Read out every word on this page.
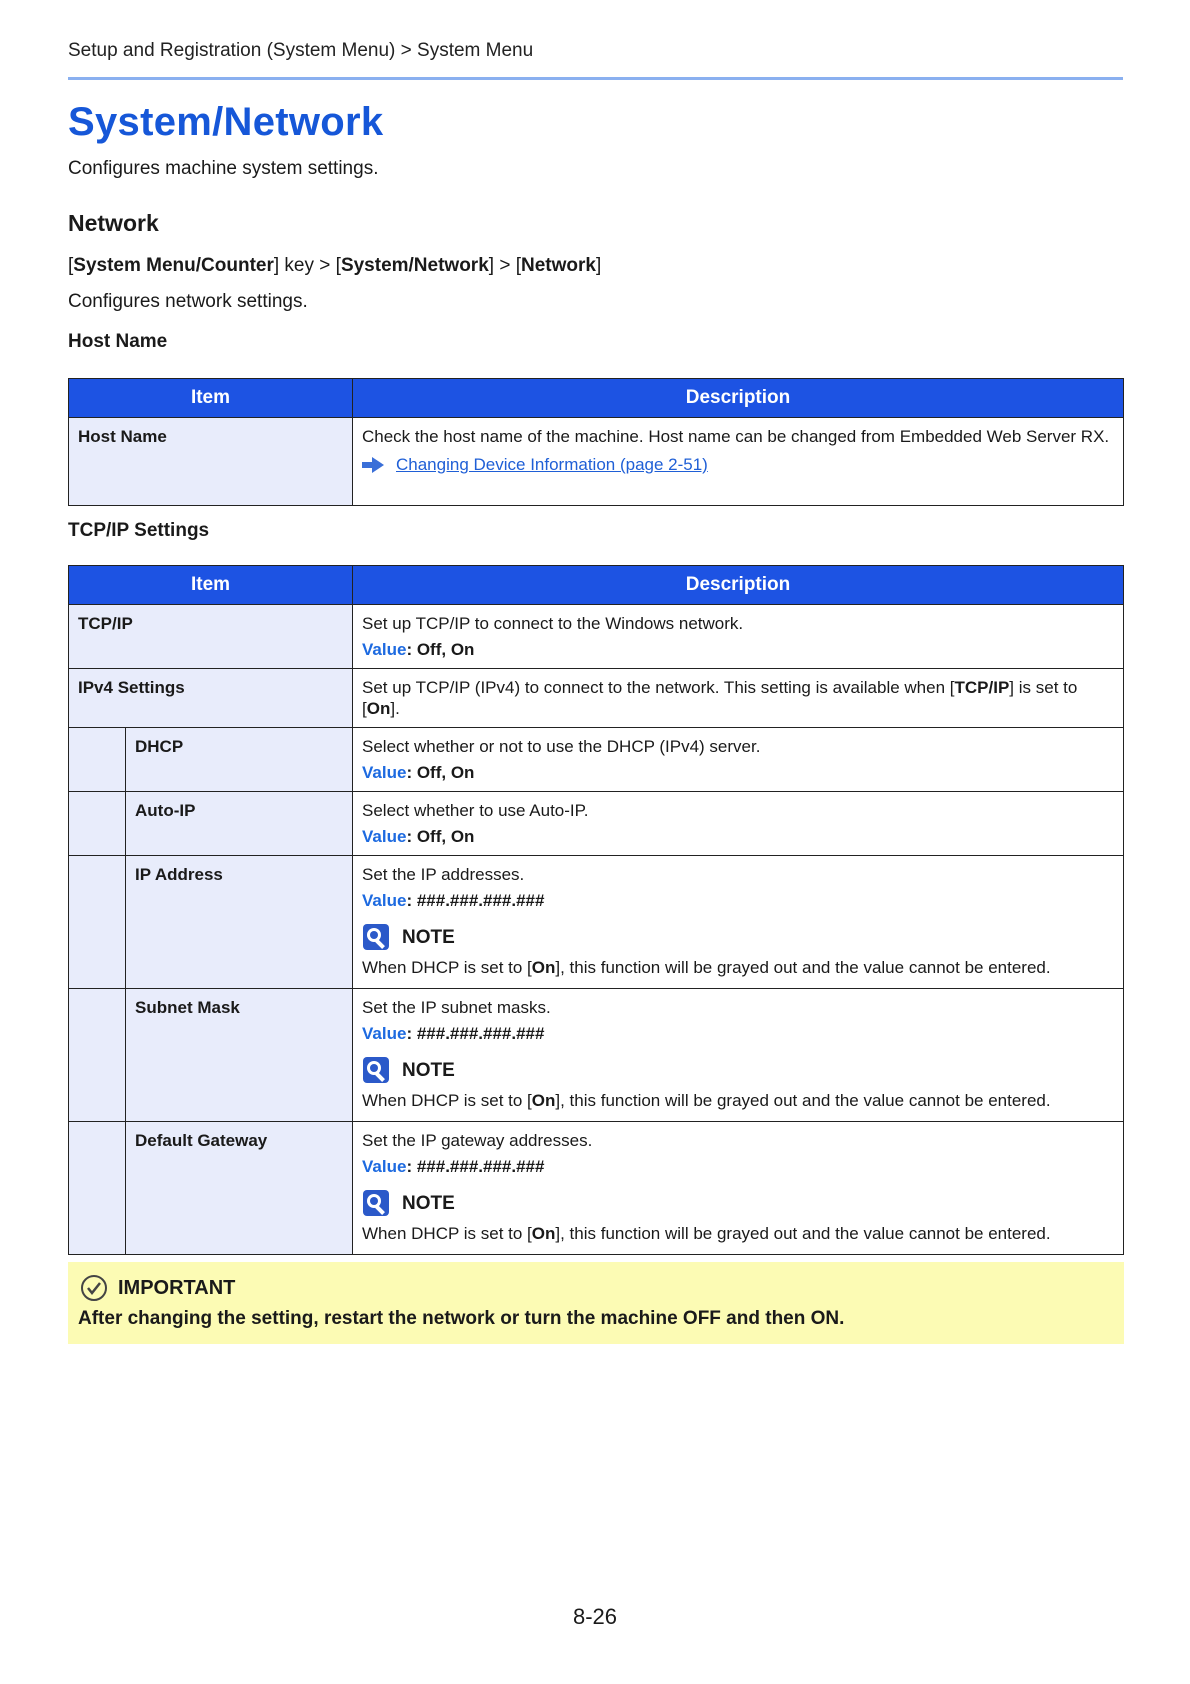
Setup and Registration (System Menu) > System Menu
System/Network
Configures machine system settings.
Network
[System Menu/Counter] key > [System/Network] > [Network]
Configures network settings.
Host Name
Item	Description
Host Name	Check the host name of the machine. Host name can be changed from Embedded Web Server RX.
Changing Device Information (page 2-51)
TCP/IP Settings
Item		Description
TCP/IP		Set up TCP/IP to connect to the Windows network.
Value: Off, On

IPv4 Settings		Set up TCP/IP (IPv4) to connect to the network. This setting is available when [TCP/IP] is set to [On].
	DHCP	Select whether or not to use the DHCP (IPv4) server.
Value: Off, On

	Auto-IP	Select whether to use Auto-IP.
Value: Off, On

	IP Address	Set the IP addresses.
Value: ###.###.###.###
NOTE
When DHCP is set to [On], this function will be grayed out and the value cannot be entered.

	Subnet Mask	Set the IP subnet masks.
Value: ###.###.###.###
NOTE
When DHCP is set to [On], this function will be grayed out and the value cannot be entered.

	Default Gateway	Set the IP gateway addresses.
Value: ###.###.###.###
NOTE
When DHCP is set to [On], this function will be grayed out and the value cannot be entered.
IMPORTANT
After changing the setting, restart the network or turn the machine OFF and then ON.
8-26
